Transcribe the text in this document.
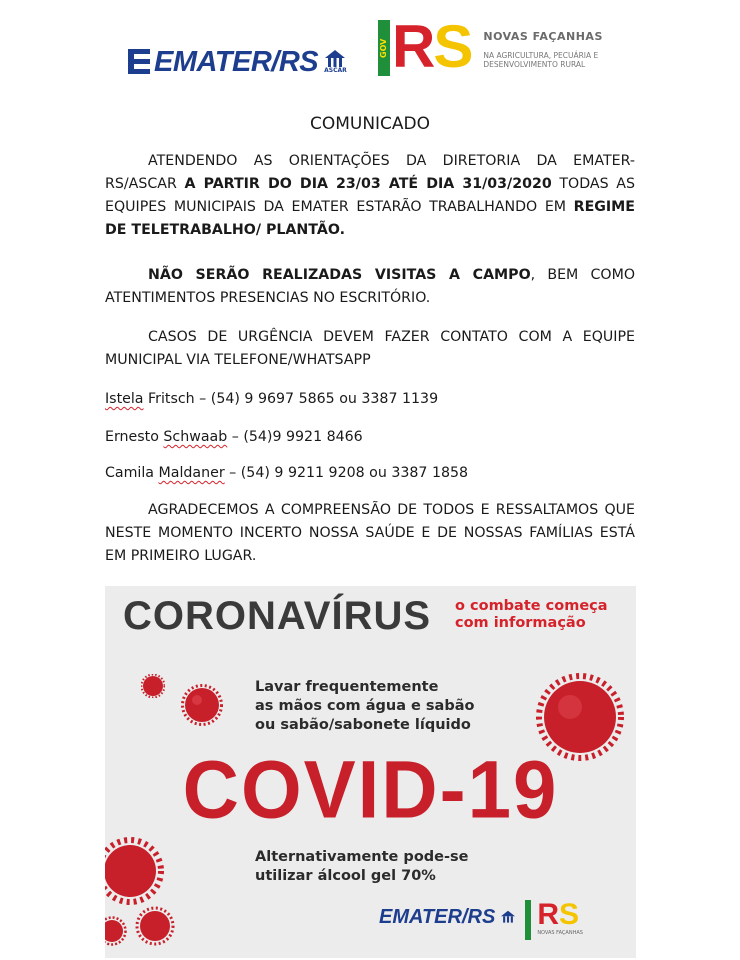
EMATER/RS ASCAR
GOV RS NOVAS FAÇANHAS
NA AGRICULTURA, PECUÁRIA E DESENVOLVIMENTO RURAL
COMUNICADO
ATENDENDO AS ORIENTAÇÕES DA DIRETORIA DA EMATER-RS/ASCAR A PARTIR DO DIA 23/03 ATÉ DIA 31/03/2020 TODAS AS EQUIPES MUNICIPAIS DA EMATER ESTARÃO TRABALHANDO EM REGIME DE TELETRABALHO/ PLANTÃO.
NÃO SERÃO REALIZADAS VISITAS A CAMPO, BEM COMO ATENTIMENTOS PRESENCIAS NO ESCRITÓRIO.
CASOS DE URGÊNCIA DEVEM FAZER CONTATO COM A EQUIPE MUNICIPAL VIA TELEFONE/WHATSAPP
Istela Fritsch – (54) 9 9697 5865 ou 3387 1139
Ernesto Schwaab – (54)9 9921 8466
Camila Maldaner – (54) 9 9211 9208 ou 3387 1858
AGRADECEMOS A COMPREENSÃO DE TODOS E RESSALTAMOS QUE NESTE MOMENTO INCERTO NOSSA SAÚDE E DE NOSSAS FAMÍLIAS ESTÁ EM PRIMEIRO LUGAR.
CORONAVÍRUS o combate começa
com informação
Lavar frequentemente
as mãos com água e sabão
ou sabão/sabonete líquido
COVID-19
Alternativamente pode-se
utilizar álcool gel 70%
EMATER/RS RS
NOVAS FAÇANHAS
